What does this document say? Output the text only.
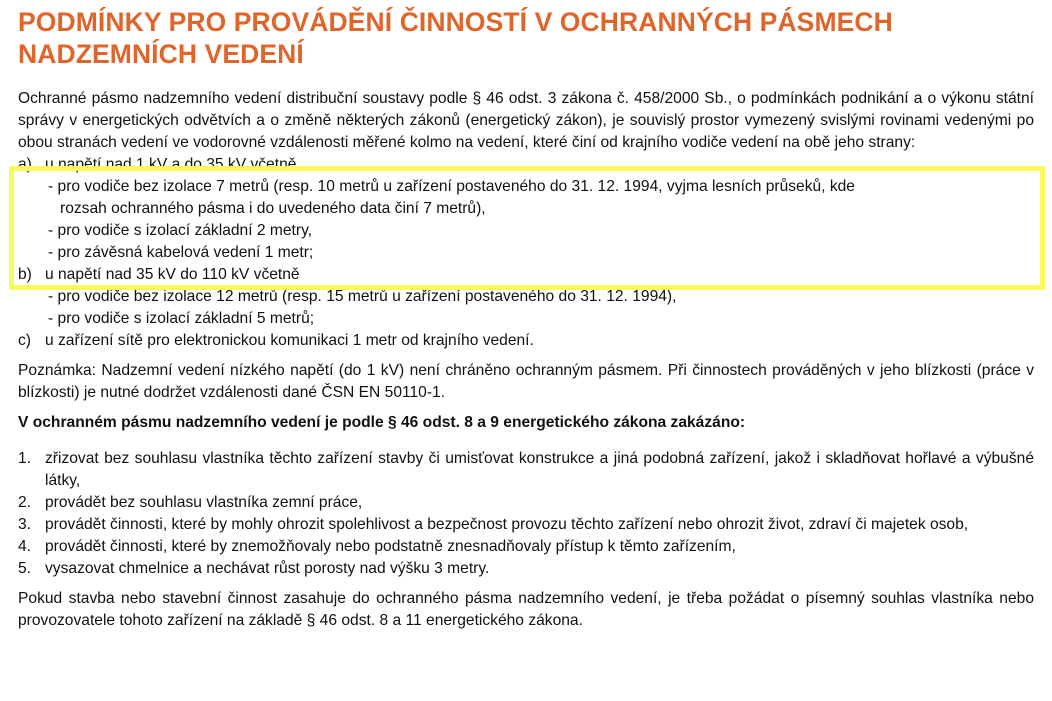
PODMÍNKY PRO PROVÁDĚNÍ ČINNOSTÍ V OCHRANNÝCH PÁSMECH
NADZEMNÍCH VEDENÍ

Ochranné pásmo nadzemního vedení distribuční soustavy podle § 46 odst. 3 zákona č. 458/2000 Sb., o podmínkách podnikání a o výkonu státní správy v energetických odvětvích a o změně některých zákonů (energetický zákon), je souvislý prostor vymezený svislými rovinami vedenými po obou stranách vedení ve vodorovné vzdálenosti měřené kolmo na vedení, které činí od krajního vodiče vedení na obě jeho strany:

a) u napětí nad 1 kV a do 35 kV včetně
- pro vodiče bez izolace 7 metrů (resp. 10 metrů u zařízení postaveného do 31. 12. 1994, vyjma lesních průseků, kde
rozsah ochranného pásma i do uvedeného data činí 7 metrů),
- pro vodiče s izolací základní 2 metry,
- pro závěsná kabelová vedení 1 metr;
b) u napětí nad 35 kV do 110 kV včetně
- pro vodiče bez izolace 12 metrů (resp. 15 metrů u zařízení postaveného do 31. 12. 1994),
- pro vodiče s izolací základní 5 metrů;
c) u zařízení sítě pro elektronickou komunikaci 1 metr od krajního vedení.

Poznámka: Nadzemní vedení nízkého napětí (do 1 kV) není chráněno ochranným pásmem. Při činnostech prováděných v jeho blízkosti (práce v blízkosti) je nutné dodržet vzdálenosti dané ČSN EN 50110-1.

V ochranném pásmu nadzemního vedení je podle § 46 odst. 8 a 9 energetického zákona zakázáno:
1. zřizovat bez souhlasu vlastníka těchto zařízení stavby či umisťovat konstrukce a jiná podobná zařízení, jakož i skladňovat hořlavé a výbušné látky,
2. provádět bez souhlasu vlastníka zemní práce,
3. provádět činnosti, které by mohly ohrozit spolehlivost a bezpečnost provozu těchto zařízení nebo ohrozit život, zdraví či majetek osob,
4. provádět činnosti, které by znemožňovaly nebo podstatně znesnadňovaly přístup k těmto zařízením,
5. vysazovat chmelnice a nechávat růst porosty nad výšku 3 metry.

Pokud stavba nebo stavební činnost zasahuje do ochranného pásma nadzemního vedení, je třeba požádat o písemný souhlas vlastníka nebo provozovatele tohoto zařízení na základě § 46 odst. 8 a 11 energetického zákona.
